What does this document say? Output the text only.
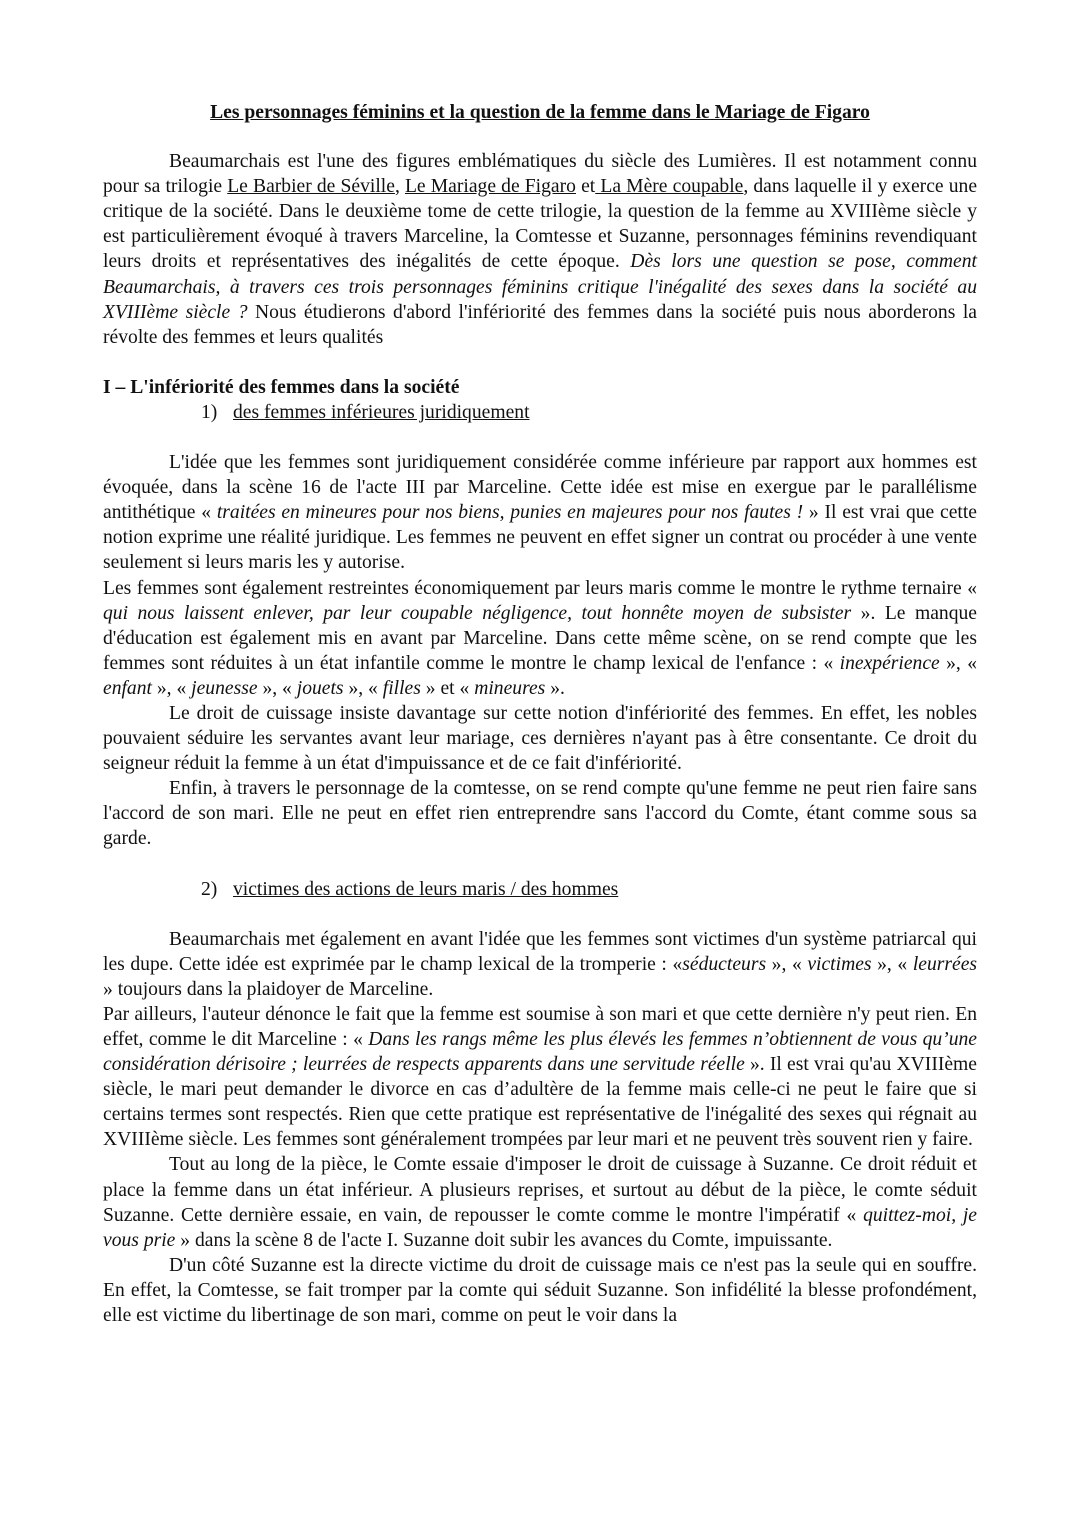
Les personnages féminins et la question de la femme dans le Mariage de Figaro

Beaumarchais est l'une des figures emblématiques du siècle des Lumières. Il est notamment connu pour sa trilogie Le Barbier de Séville, Le Mariage de Figaro et La Mère coupable, dans laquelle il y exerce une critique de la société. Dans le deuxième tome de cette trilogie, la question de la femme au XVIIIème siècle y est particulièrement évoqué à travers Marceline, la Comtesse et Suzanne, personnages féminins revendiquant leurs droits et représentatives des inégalités de cette époque. Dès lors une question se pose, comment Beaumarchais, à travers ces trois personnages féminins critique l'inégalité des sexes dans la société au XVIIIème siècle ? Nous étudierons d'abord l'infériorité des femmes dans la société puis nous aborderons la révolte des femmes et leurs qualités

I – L'infériorité des femmes dans la société

1) des femmes inférieures juridiquement

L'idée que les femmes sont juridiquement considérée comme inférieure par rapport aux hommes est évoquée, dans la scène 16 de l'acte III par Marceline. Cette idée est mise en exergue par le parallélisme antithétique « traitées en mineures pour nos biens, punies en majeures pour nos fautes ! » Il est vrai que cette notion exprime une réalité juridique. Les femmes ne peuvent en effet signer un contrat ou procéder à une vente seulement si leurs maris les y autorise.

Les femmes sont également restreintes économiquement par leurs maris comme le montre le rythme ternaire « qui nous laissent enlever, par leur coupable négligence, tout honnête moyen de subsister ». Le manque d'éducation est également mis en avant par Marceline. Dans cette même scène, on se rend compte que les femmes sont réduites à un état infantile comme le montre le champ lexical de l'enfance : « inexpérience », « enfant », « jeunesse », « jouets », « filles » et « mineures ».

Le droit de cuissage insiste davantage sur cette notion d'infériorité des femmes. En effet, les nobles pouvaient séduire les servantes avant leur mariage, ces dernières n'ayant pas à être consentante. Ce droit du seigneur réduit la femme à un état d'impuissance et de ce fait d'infériorité.

Enfin, à travers le personnage de la comtesse, on se rend compte qu'une femme ne peut rien faire sans l'accord de son mari. Elle ne peut en effet rien entreprendre sans l'accord du Comte, étant comme sous sa garde.

2) victimes des actions de leurs maris / des hommes

Beaumarchais met également en avant l'idée que les femmes sont victimes d'un système patriarcal qui les dupe. Cette idée est exprimée par le champ lexical de la tromperie : «séducteurs », « victimes », « leurrées » toujours dans la plaidoyer de Marceline.

Par ailleurs, l'auteur dénonce le fait que la femme est soumise à son mari et que cette dernière n'y peut rien. En effet, comme le dit Marceline : « Dans les rangs même les plus élevés les femmes n’obtiennent de vous qu’une considération dérisoire ; leurrées de respects apparents dans une servitude réelle ». Il est vrai qu'au XVIIIème siècle, le mari peut demander le divorce en cas d’adultère de la femme mais celle-ci ne peut le faire que si certains termes sont respectés. Rien que cette pratique est représentative de l'inégalité des sexes qui régnait au XVIIIème siècle. Les femmes sont généralement trompées par leur mari et ne peuvent très souvent rien y faire.

Tout au long de la pièce, le Comte essaie d'imposer le droit de cuissage à Suzanne. Ce droit réduit et place la femme dans un état inférieur. A plusieurs reprises, et surtout au début de la pièce, le comte séduit Suzanne. Cette dernière essaie, en vain, de repousser le comte comme le montre l'impératif « quittez-moi, je vous prie » dans la scène 8 de l'acte I. Suzanne doit subir les avances du Comte, impuissante.

D'un côté Suzanne est la directe victime du droit de cuissage mais ce n'est pas la seule qui en souffre. En effet, la Comtesse, se fait tromper par la comte qui séduit Suzanne. Son infidélité la blesse profondément, elle est victime du libertinage de son mari, comme on peut le voir dans la
